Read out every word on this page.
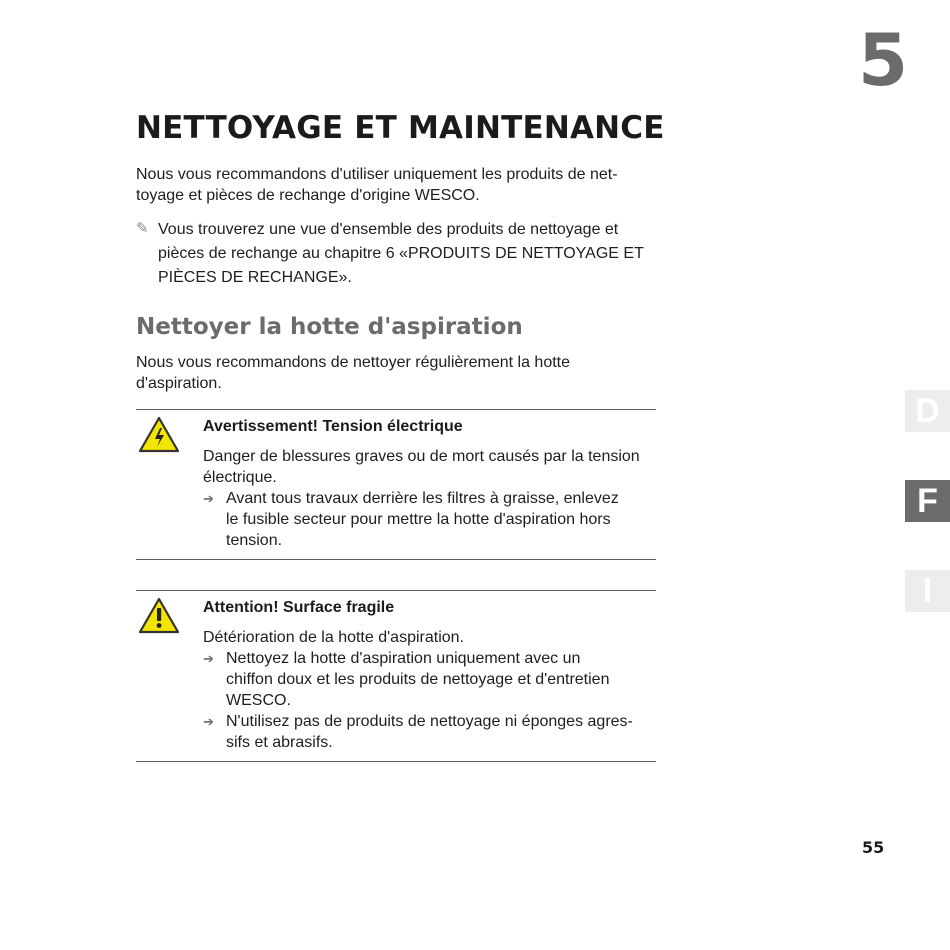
5
D
F
I
NETTOYAGE ET MAINTENANCE
Nous vous recommandons d'utiliser uniquement les produits de net-
toyage et pièces de rechange d'origine WESCO.
✎ Vous trouverez une vue d'ensemble des produits de nettoyage et
pièces de rechange au chapitre 6 «PRODUITS DE NETTOYAGE ET
PIÈCES DE RECHANGE».
Nettoyer la hotte d'aspiration
Nous vous recommandons de nettoyer régulièrement la hotte
d'aspiration.
Avertissement! Tension électrique
Danger de blessures graves ou de mort causés par la tension
électrique.
➔ Avant tous travaux derrière les filtres à graisse, enlevez
le fusible secteur pour mettre la hotte d'aspiration hors
tension.
Attention! Surface fragile
Détérioration de la hotte d'aspiration.
➔ Nettoyez la hotte d'aspiration uniquement avec un
chiffon doux et les produits de nettoyage et d'entretien
WESCO.
➔ N'utilisez pas de produits de nettoyage ni éponges agres-
sifs et abrasifs.
55
